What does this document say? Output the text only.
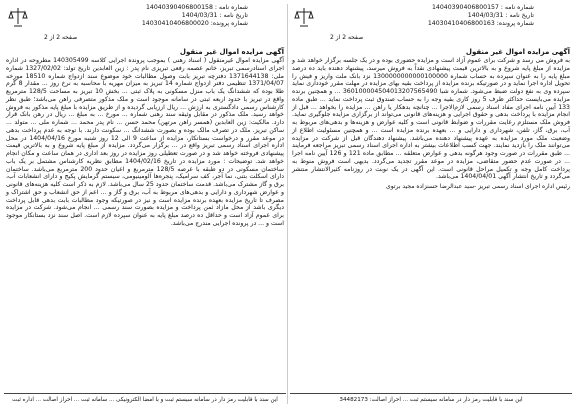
شماره نامه : 14040390406800158
تاریخ نامه : 1404/03/31
شماره پرونده: 14030410406800020
صفحه 2 از 2
آگهی مزایده اموال غیر منقول
آگهی مزایده اموال غیرمنقول ( اسناد رهنی ) بموجب پرونده اجرایی کلاسه 140305499 مطروحه در اداره اجرای اسنادرسمی تبریز، خانم عصمه رفعی تبریزی نام پدر : زین العابدین تاریخ تولد: 1327/02/02 شماره ملی: 1371644138 دفترچه تبریز بابت وصول مطالبات خود موضوع سند ازدواج شماره 18510 مورخه 1371/04/07 تنظیمی دفتر ازدواج شماره 14 تبریز به میزان مهریه با محاسبه به نرخ روز ... مقدار 8 گرم طلا بوده که ششدانگ یک باب منزل مسکونی به پلاک ثبتی ... بخش 10 تبریز به مساحت 128/5 مترمربع واقع در تبریز با حدود اربعه ثبتی در سامانه موجود است و ملک مذکور متصرفی راهن می‌باشد؛ طبق نظر کارشناس رسمی دادگستری به ارزش ... ریال ارزیابی گردیده و از طریق مزایده با مبلغ پایه مذکور به فروش خواهد رسید. ملک مذکور در مقابل وثیقه سند رهنی شماره ... مورخ ... به مبلغ ... ریال در رهن بانک قرار دارد. مالکیت: زین العابدین (همسر راهن مرتهن) محمد حسن ... نام پدر محمد ... شماره ملی ... متولد ... ساکن تبریز. ملک در تصرف مالک بوده و بصورت ششدانگ ... سکونت دارند. با توجه به عدم پرداخت بدهی در موعد مقرر و درخواست بستانکار، مزایده از ساعت 9 الی 12 روز شنبه مورخ 1404/04/16 در محل اداره اجرای اسناد رسمی تبریز واقع در ... برگزار می‌گردد. مزایده از مبلغ پایه شروع و به بالاترین قیمت پیشنهادی فروخته خواهد شد و در صورت تعطیلی روز مزایده در روز بعد اداری در همان ساعت و مکان انجام خواهد شد. توضیحات : مورد مزایده در تاریخ 1404/02/16 مطابق نظریه کارشناس مشتمل بر یک باب ساختمان مسکونی در دو طبقه با عرصه 128/5 مترمربع و اعیان حدود 200 مترمربع می‌باشد. ساختمان دارای اسکلت بتنی، نما آجر، کف سرامیک، پنجره‌ها آلومینیومی، سیستم گرمایش پکیج و دارای انشعابات آب، برق و گاز مشترک می‌باشد. قدمت ساختمان حدود 25 سال می‌باشد. لازم به ذکر است کلیه هزینه‌های قانونی و عوارض شهرداری و دارایی و بدهی‌های مربوط به آب، برق و گاز و ... اعم از حق انشعاب و حق اشتراک و مصرف تا تاریخ مزایده بعهده برنده مزایده است و نیز در صورتیکه وجود مطالبات بابت بدهی قابل پرداخت دیگری باشد از محل مازاد ثمن پرداخت و مزایده بصورت سند رسمی ... انجام می‌شود. شرکت در مزایده برای عموم آزاد است و حداقل ده درصد مبلغ پایه به عنوان سپرده لازم است. اصل سند نزد بستانکار موجود است و ... در پرونده اجرایی مندرج می‌باشد.
این سند با قابلیت رمز دار در سامانه سیستم ثبت و با امضا الکترونیکی ... سامانه ثبت ... احراز اصالت ... اداره ثبت
شماره نامه : 14040390406800157
تاریخ نامه : 1404/03/31
شماره پرونده: 14030410406800163
صفحه 2 از 2
آگهی مزایده اموال غیر منقول
به فروش می رسد و شرکت برای عموم آزاد است و مزایده حضوری بوده و در یک جلسه برگزار خواهد شد و مزایده از مبلغ پایه شروع و به بالاترین قیمت پیشنهادی نقداً به فروش میرسد، پیشنهاد دهنده باید ده درصد مبلغ پایه را به عنوان سپرده به حساب شماره 1300000000000100000 نزد بانک ملت واریز و فیش را تحویل اداره اجرا نماید و در صورتیکه برنده مزایده از پرداخت بقیه بهای مزایده در مهلت مقرر خودداری نماید سپرده وی به نفع دولت ضبط می‌شود. شماره شبا 360100004504013207565490 ... و همچنین برنده مزایده می‌بایست حداکثر ظرف 5 روز کاری بقیه وجه را به حساب صندوق ثبت پرداخت نماید ... طبق ماده 133 آیین نامه اجرای مفاد اسناد رسمی لازم‌الاجرا ... چنانچه بدهکار یا راهن ... مزایده را بخواهد ... قبل از انجام مزایده با پرداخت بدهی و حقوق اجرایی و هزینه‌های قانونی می‌تواند از برگزاری مزایده جلوگیری نماید. فروش ملک مستلزم رعایت مقررات و ضوابط قانونی است و کلیه عوارض و هزینه‌ها و بدهی‌های مربوط به آب، برق، گاز، تلفن، شهرداری و دارایی و ... بعهده برنده مزایده است ... و همچنین مسئولیت اطلاع از وضعیت ملک مورد مزایده به عهده پیشنهاد دهنده می‌باشد. پیشنهاد دهندگان قبل از شرکت در مزایده می‌توانند ملک را بازدید نمایند. جهت کسب اطلاعات بیشتر به اداره اجرای اسناد رسمی تبریز مراجعه فرمایند ... طبق مقررات در صورت وجود هرگونه بدهی و عوارض متعلقه ... مطابق ماده 121 و 126 آیین نامه اجرا ... در صورت عدم حضور متقاضی، مزایده در موعد مقرر تجدید می‌گردد. بدیهی است فروش منوط به پرداخت کامل وجه و تکمیل مراحل قانونی است. این آگهی در یک نوبت در روزنامه کثیرالانتشار منتشر می‌گردد و تاریخ انتشار آگهی 1404/04/01 می‌باشد.
رئیس اداره اجرای اسناد رسمی تبریز -سید عبدالرضا حسنزاده مجید برتوی
این سند با قابلیت رمز دار در سامانه سیستم ثبت ... احراز اصالت: 34482173
